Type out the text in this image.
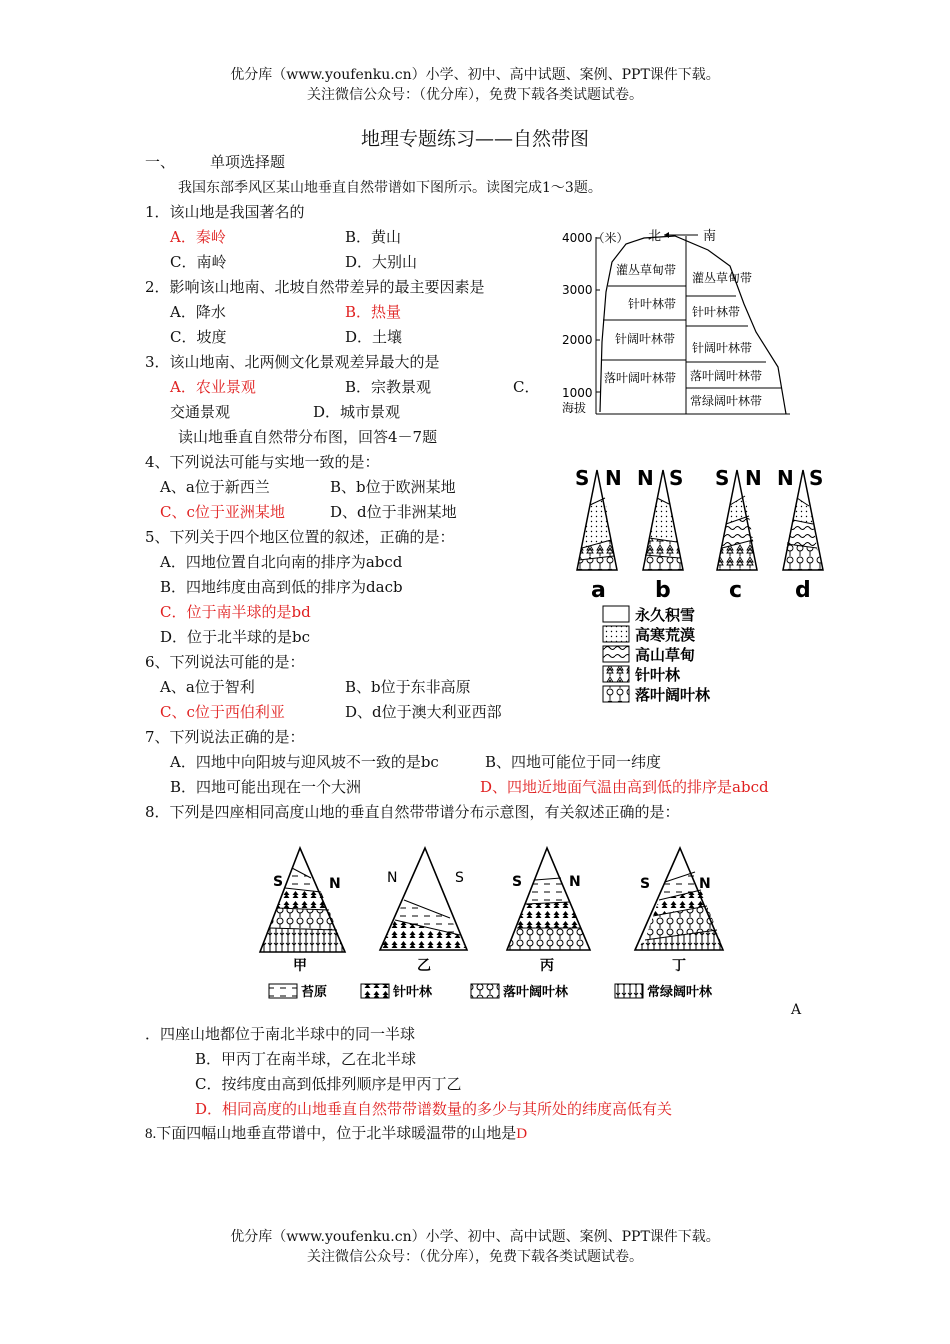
优分库（www.youfenku.cn）小学、初中、高中试题、案例、PPT课件下载。
关注微信公众号：（优分库），免费下载各类试题试卷。
地理专题练习——自然带图
一、 单项选择题
我国东部季风区某山地垂直自然带谱如下图所示。读图完成1～3题。
1．该山地是我国著名的
A．秦岭	B．黄山
C．南岭	D．大别山
2．影响该山地南、北坡自然带差异的最主要因素是
A．降水	B．热量
C．坡度	D．土壤
3．该山地南、北两侧文化景观差异最大的是
A．农业景观	B．宗教景观	C．
交通景观	D．城市景观
读山地垂直自然带分布图，回答4－7题
4、下列说法可能与实地一致的是：
A、a位于新西兰	B、b位于欧洲某地
C、c位于亚洲某地	D、d位于非洲某地
5、下列关于四个地区位置的叙述，正确的是：
A．四地位置自北向南的排序为abcd
B．四地纬度由高到低的排序为dacb
C．位于南半球的是bd
D．位于北半球的是bc
6、下列说法可能的是：
A、a位于智利	B、b位于东非高原
C、c位于西伯利亚	D、d位于澳大利亚西部
7、下列说法正确的是：
A．四地中向阳坡与迎风坡不一致的是bc	B、四地可能位于同一纬度
B．四地可能出现在一个大洲	D、四地近地面气温由高到低的排序是abcd
8．下列是四座相同高度山地的垂直自然带带谱分布示意图，有关叙述正确的是：
A
．四座山地都位于南北半球中的同一半球
B．甲丙丁在南半球，乙在北半球
C．按纬度由高到低排列顺序是甲丙丁乙
D．相同高度的山地垂直自然带带谱数量的多少与其所处的纬度高低有关
8.下面四幅山地垂直带谱中，位于北半球暖温带的山地是D
优分库（www.youfenku.cn）小学、初中、高中试题、案例、PPT课件下载。
关注微信公众号：（优分库），免费下载各类试题试卷。
4000（米）
3000
2000
1000
海拔
北	南
灌丛草甸带
针叶林带
针阔叶林带
落叶阔叶林带
灌丛草甸带
针叶林带
针阔叶林带
落叶阔叶林带
常绿阔叶林带
S N N S S N N S
a b	c d
永久积雪
高寒荒漠
高山草甸
针叶林
落叶阔叶林
S	N	N	S	S	N	S	N
甲	乙	丙	丁
苔原	针叶林	落叶阔叶林	常绿阔叶林
